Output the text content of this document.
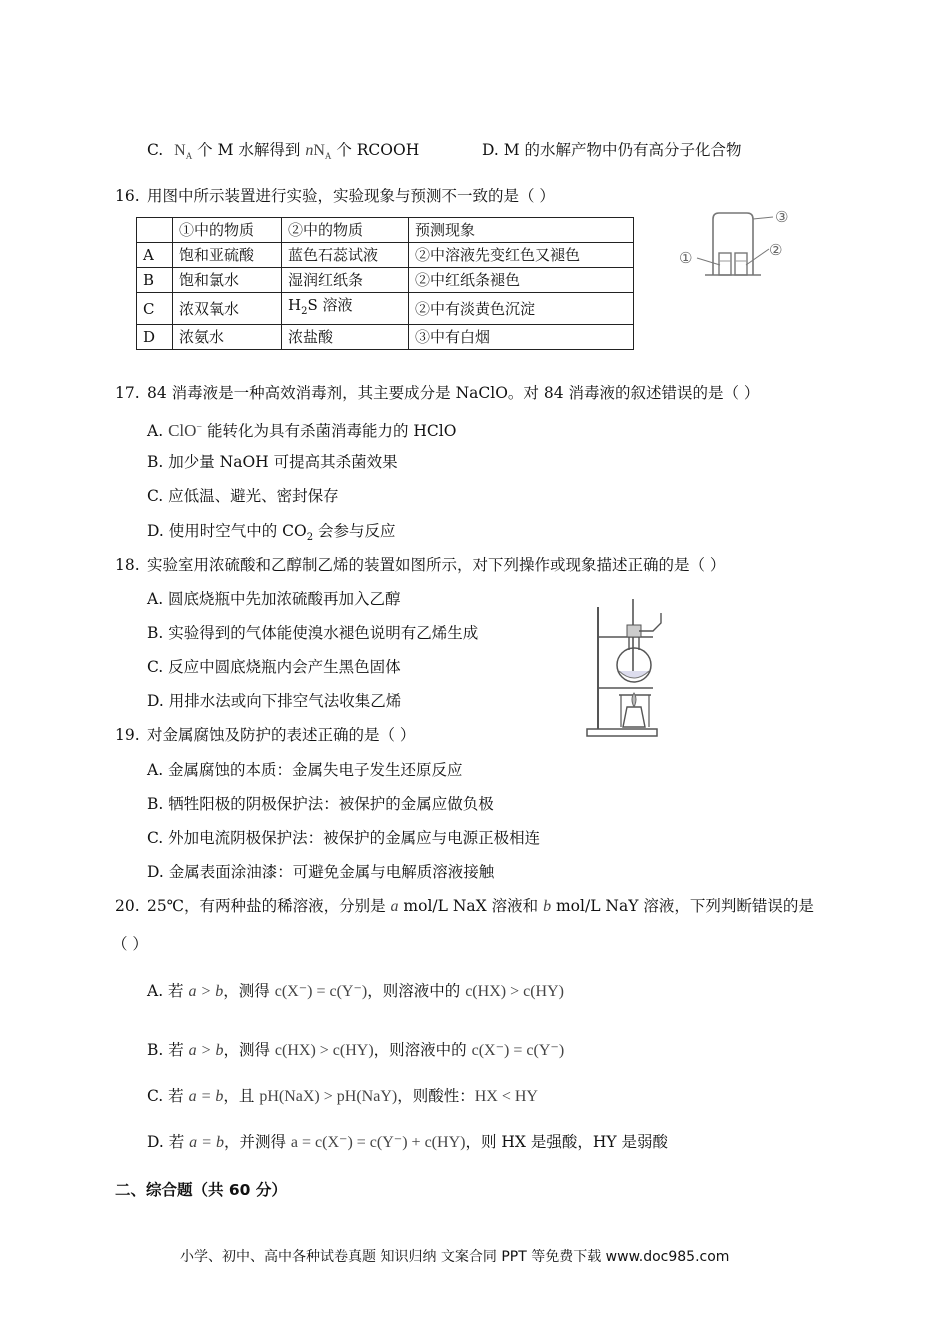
C. $N_A$ 个 M 水解得到 $nN_A$ 个 RCOOH	D. M 的水解产物中仍有高分子化合物
16. 用图中所示装置进行实验，实验现象与预测不一致的是（ ）
	①中的物质	②中的物质	预测现象
A	饱和亚硫酸	蓝色石蕊试液	②中溶液先变红色又褪色
B	饱和氯水	湿润红纸条	②中红纸条褪色
C	浓双氧水	$H_2S$ 溶液	②中有淡黄色沉淀
D	浓氨水	浓盐酸	③中有白烟
①	②
③
17. 84 消毒液是一种高效消毒剂，其主要成分是 NaClO。对 84 消毒液的叙述错误的是（ ）
A. ClO− 能转化为具有杀菌消毒能力的 HClO
B. 加少量 NaOH 可提高其杀菌效果
C. 应低温、避光、密封保存
D. 使用时空气中的 $CO_2$ 会参与反应
18. 实验室用浓硫酸和乙醇制乙烯的装置如图所示，对下列操作或现象描述正确的是（ ）
A. 圆底烧瓶中先加浓硫酸再加入乙醇
B. 实验得到的气体能使溴水褪色说明有乙烯生成
C. 反应中圆底烧瓶内会产生黑色固体
D. 用排水法或向下排空气法收集乙烯
19. 对金属腐蚀及防护的表述正确的是（ ）
A. 金属腐蚀的本质：金属失电子发生还原反应
B. 牺牲阳极的阴极保护法：被保护的金属应做负极
C. 外加电流阴极保护法：被保护的金属应与电源正极相连
D. 金属表面涂油漆：可避免金属与电解质溶液接触
20. 25℃，有两种盐的稀溶液，分别是 a mol/L NaX 溶液和 b mol/L NaY 溶液，下列判断错误的是
（ ）
A. 若 a > b，测得 c(X⁻) = c(Y⁻)，则溶液中的 c(HX) > c(HY)
B. 若 a > b，测得 c(HX) > c(HY)，则溶液中的 c(X⁻) = c(Y⁻)
C. 若 a = b，且 pH(NaX) > pH(NaY)，则酸性：HX < HY
D. 若 a = b，并测得 a = c(X⁻) = c(Y⁻) + c(HY)，则 HX 是强酸，HY 是弱酸
二、综合题（共 60 分）
小学、初中、高中各种试卷真题 知识归纳 文案合同 PPT 等免费下载 www.doc985.com
